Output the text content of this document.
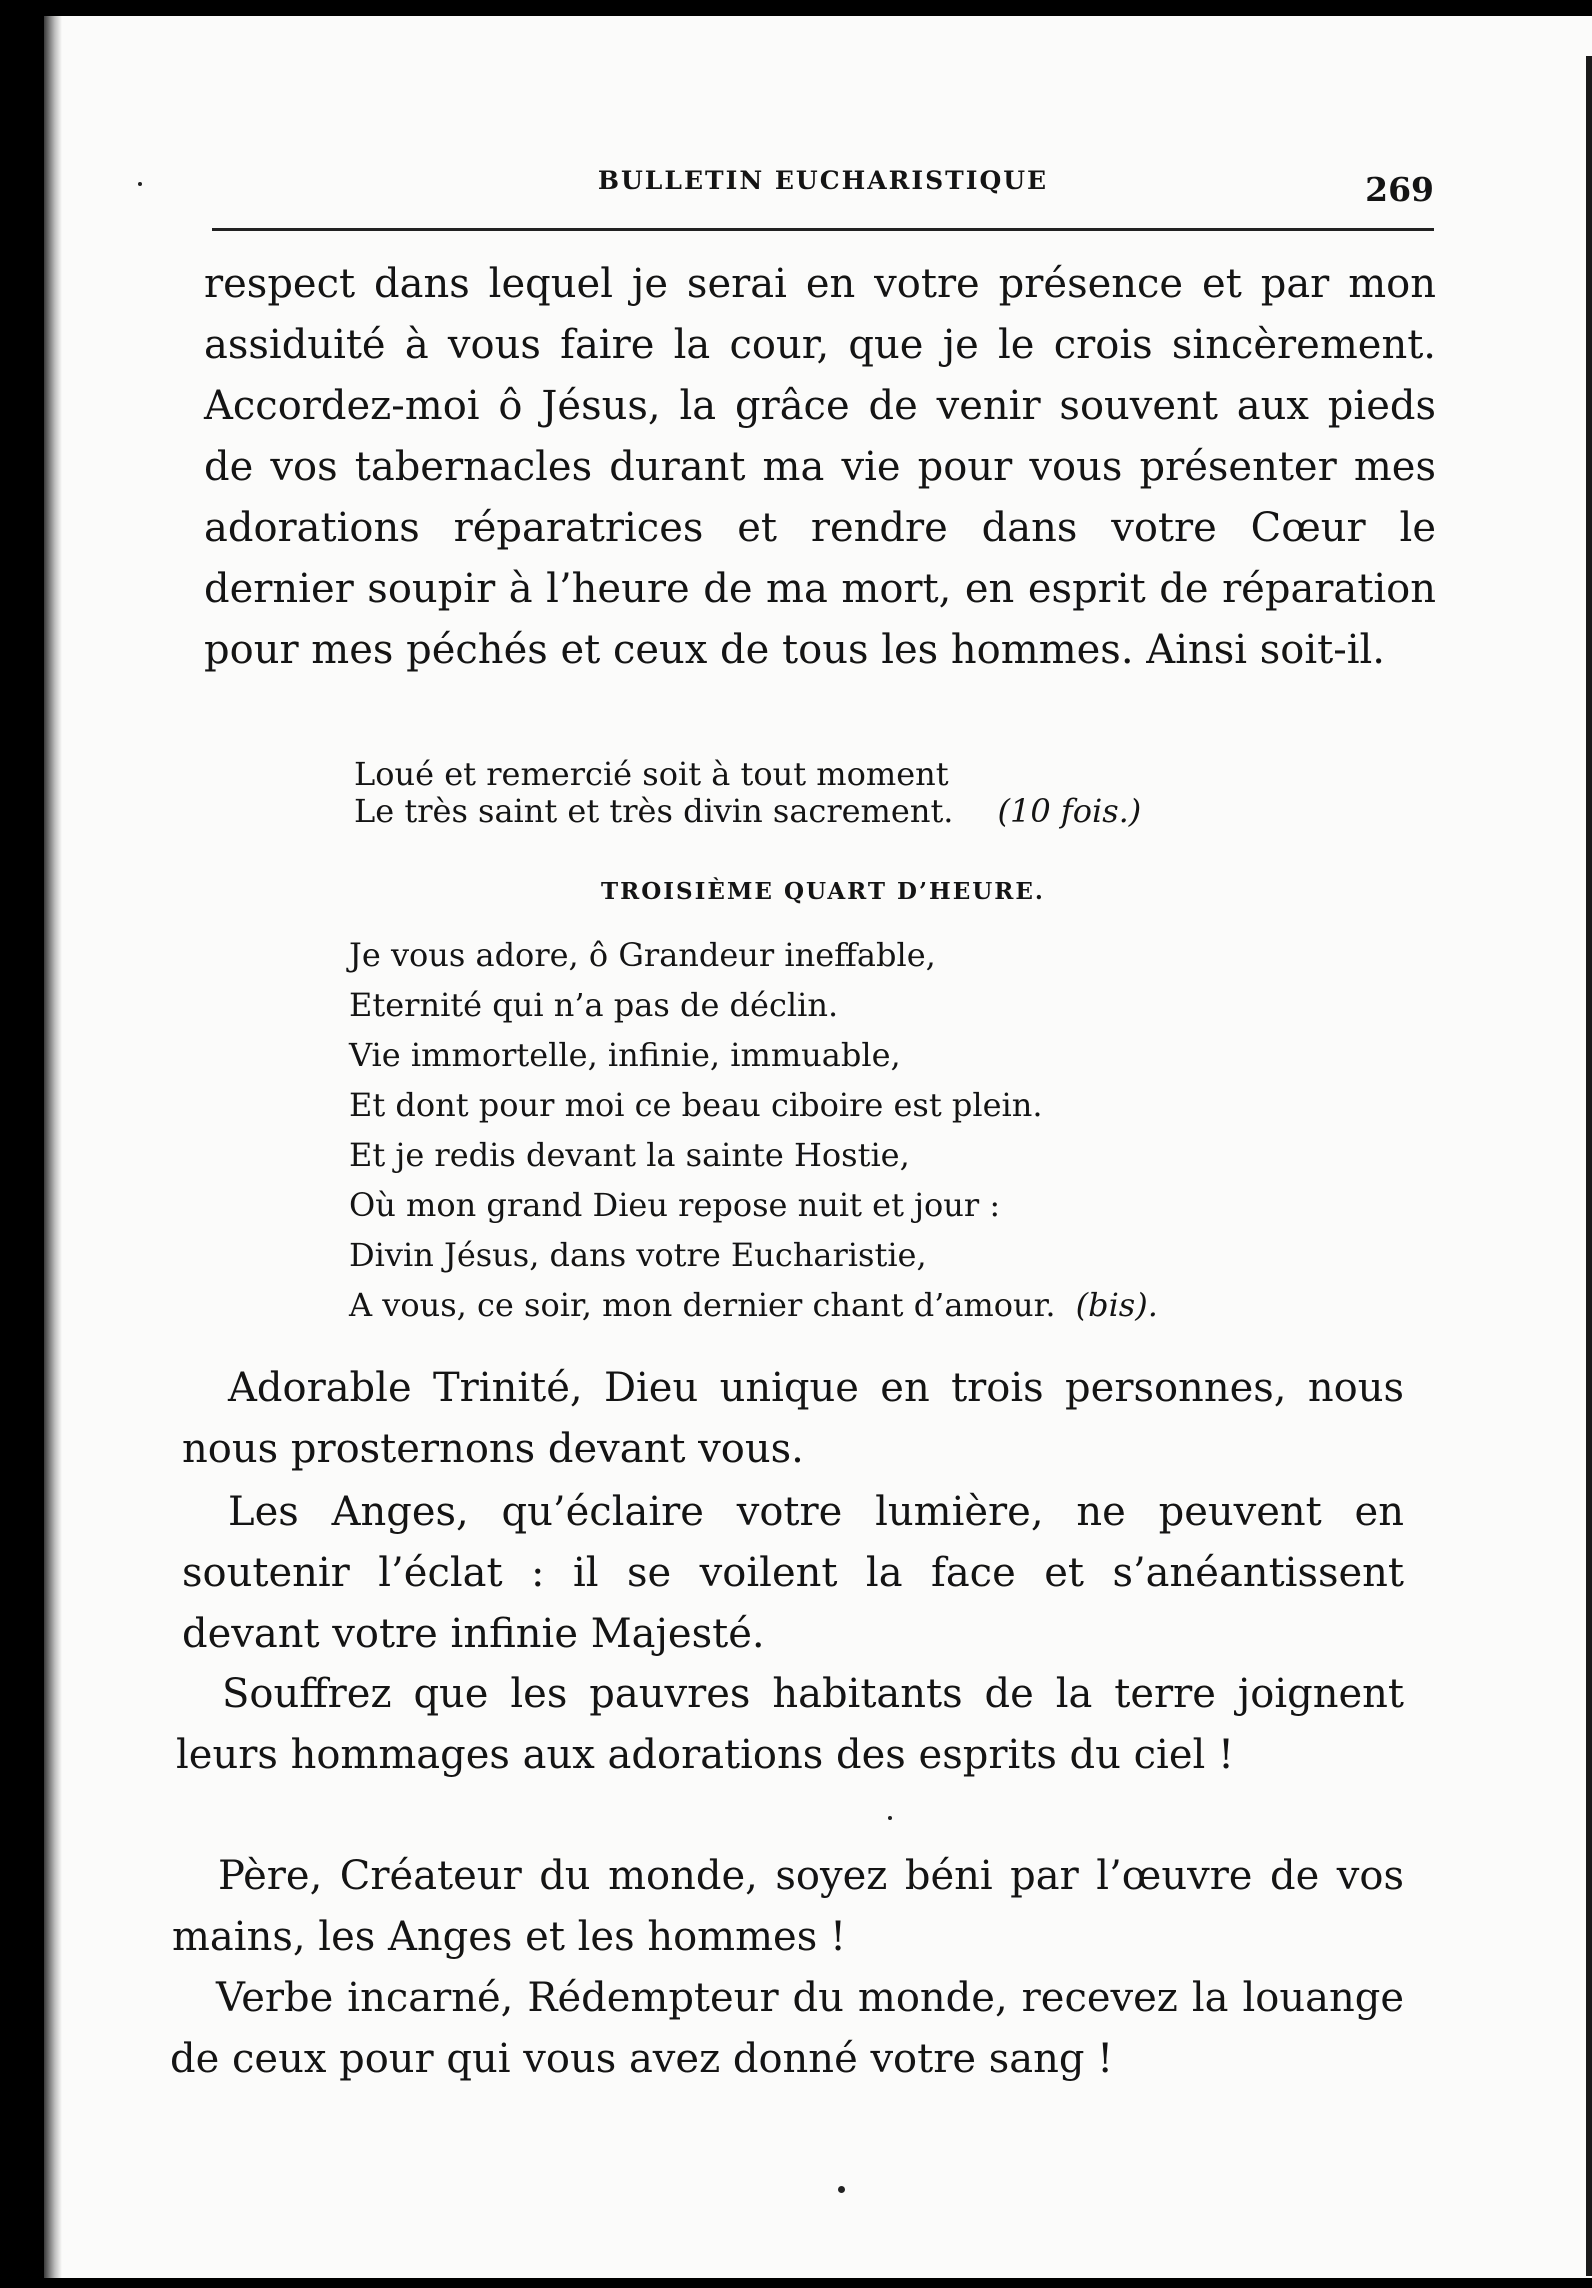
BULLETIN EUCHARISTIQUE	269

respect dans lequel je serai en votre présence et par mon assiduité à vous faire la cour, que je le crois sincèrement. Accordez-moi ô Jésus, la grâce de venir souvent aux pieds de vos tabernacles durant ma vie pour vous présenter mes adorations réparatrices et rendre dans votre Cœur le dernier soupir à l’heure de ma mort, en esprit de réparation pour mes péchés et ceux de tous les hommes. Ainsi soit-il.

Loué et remercié soit à tout moment
Le très saint et très divin sacrement. (10 fois.)
TROISIÈME QUART D’HEURE.
Je vous adore, ô Grandeur ineffable,
Eternité qui n’a pas de déclin.
Vie immortelle, infinie, immuable,
Et dont pour moi ce beau ciboire est plein.
Et je redis devant la sainte Hostie,
Où mon grand Dieu repose nuit et jour :
Divin Jésus, dans votre Eucharistie,
A vous, ce soir, mon dernier chant d’amour. (bis).

Adorable Trinité, Dieu unique en trois personnes, nous nous prosternons devant vous.

Les Anges, qu’éclaire votre lumière, ne peuvent en soutenir l’éclat : il se voilent la face et s’anéantissent devant votre infinie Majesté.

Souffrez que les pauvres habitants de la terre joignent leurs hommages aux adorations des esprits du ciel !

Père, Créateur du monde, soyez béni par l’œuvre de vos mains, les Anges et les hommes !

Verbe incarné, Rédempteur du monde, recevez la louange de ceux pour qui vous avez donné votre sang !
